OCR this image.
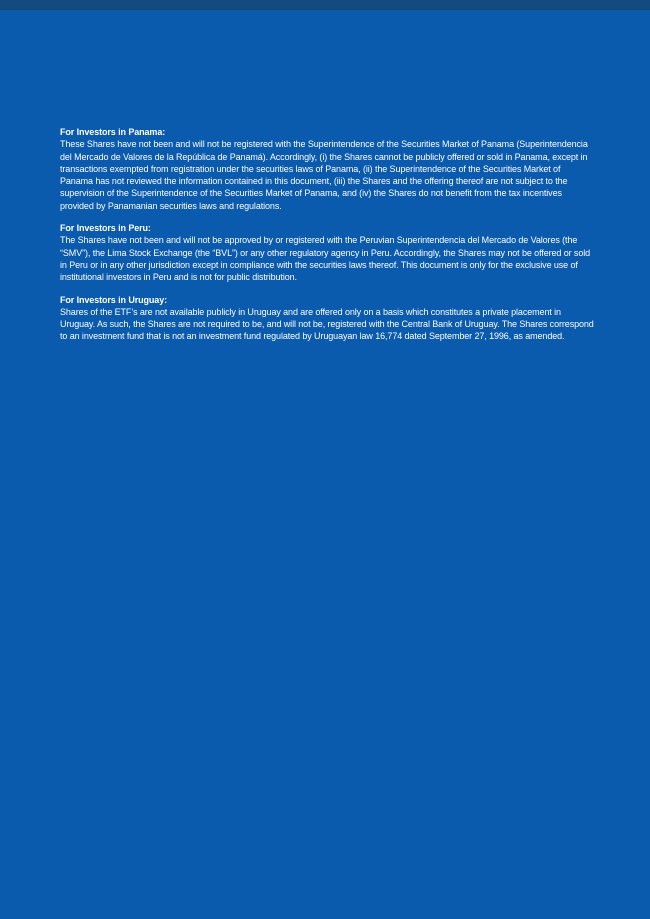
For Investors in Panama:

These Shares have not been and will not be registered with the Superintendence of the Securities Market of Panama (Superintendencia del Mercado de Valores de la República de Panamá). Accordingly, (i) the Shares cannot be publicly offered or sold in Panama, except in transactions exempted from registration under the securities laws of Panama, (ii) the Superintendence of the Securities Market of Panama has not reviewed the information contained in this document, (iii) the Shares and the offering thereof are not subject to the supervision of the Superintendence of the Securities Market of Panama, and (iv) the Shares do not benefit from the tax incentives provided by Panamanian securities laws and regulations.

For Investors in Peru:

The Shares have not been and will not be approved by or registered with the Peruvian Superintendencia del Mercado de Valores (the “SMV”), the Lima Stock Exchange (the “BVL”) or any other regulatory agency in Peru. Accordingly, the Shares may not be offered or sold in Peru or in any other jurisdiction except in compliance with the securities laws thereof. This document is only for the exclusive use of institutional investors in Peru and is not for public distribution.

For Investors in Uruguay:

Shares of the ETF’s are not available publicly in Uruguay and are offered only on a basis which constitutes a private placement in Uruguay. As such, the Shares are not required to be, and will not be, registered with the Central Bank of Uruguay. The Shares correspond to an investment fund that is not an investment fund regulated by Uruguayan law 16,774 dated September 27, 1996, as amended.
